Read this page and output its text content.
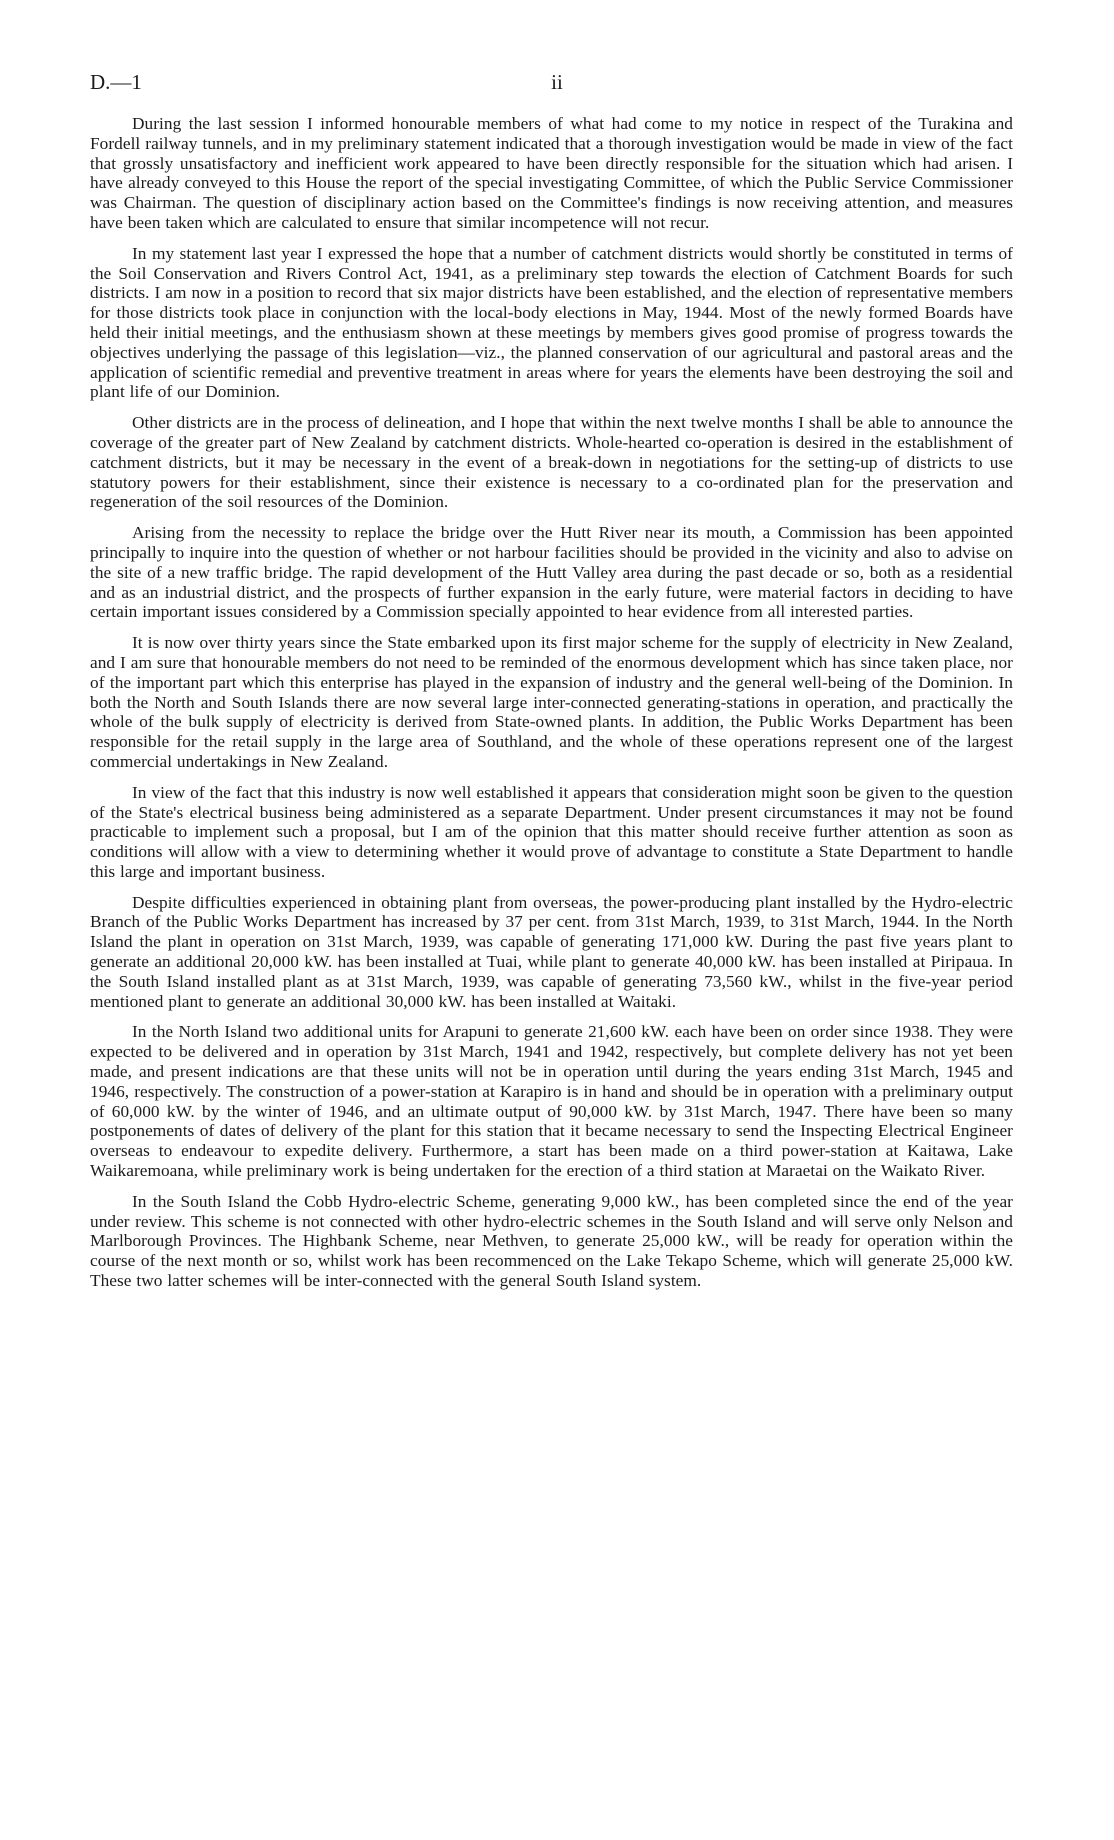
D.—1	ii

During the last session I informed honourable members of what had come to my notice in respect of the Turakina and Fordell railway tunnels, and in my preliminary statement indicated that a thorough investigation would be made in view of the fact that grossly unsatisfactory and inefficient work appeared to have been directly responsible for the situation which had arisen. I have already conveyed to this House the report of the special investigating Committee, of which the Public Service Commissioner was Chairman. The question of disciplinary action based on the Committee's findings is now receiving attention, and measures have been taken which are calculated to ensure that similar incompetence will not recur.

In my statement last year I expressed the hope that a number of catchment districts would shortly be constituted in terms of the Soil Conservation and Rivers Control Act, 1941, as a preliminary step towards the election of Catchment Boards for such districts. I am now in a position to record that six major districts have been established, and the election of representative members for those districts took place in conjunction with the local-body elections in May, 1944. Most of the newly formed Boards have held their initial meetings, and the enthusiasm shown at these meetings by members gives good promise of progress towards the objectives underlying the passage of this legislation—viz., the planned conservation of our agricultural and pastoral areas and the application of scientific remedial and preventive treatment in areas where for years the elements have been destroying the soil and plant life of our Dominion.

Other districts are in the process of delineation, and I hope that within the next twelve months I shall be able to announce the coverage of the greater part of New Zealand by catchment districts. Whole-hearted co-operation is desired in the establishment of catchment districts, but it may be necessary in the event of a break-down in negotiations for the setting-up of districts to use statutory powers for their establishment, since their existence is necessary to a co-ordinated plan for the preservation and regeneration of the soil resources of the Dominion.

Arising from the necessity to replace the bridge over the Hutt River near its mouth, a Commission has been appointed principally to inquire into the question of whether or not harbour facilities should be provided in the vicinity and also to advise on the site of a new traffic bridge. The rapid development of the Hutt Valley area during the past decade or so, both as a residential and as an industrial district, and the prospects of further expansion in the early future, were material factors in deciding to have certain important issues considered by a Commission specially appointed to hear evidence from all interested parties.

It is now over thirty years since the State embarked upon its first major scheme for the supply of electricity in New Zealand, and I am sure that honourable members do not need to be reminded of the enormous development which has since taken place, nor of the important part which this enterprise has played in the expansion of industry and the general well-being of the Dominion. In both the North and South Islands there are now several large inter-connected generating-stations in operation, and practically the whole of the bulk supply of electricity is derived from State-owned plants. In addition, the Public Works Department has been responsible for the retail supply in the large area of Southland, and the whole of these operations represent one of the largest commercial undertakings in New Zealand.

In view of the fact that this industry is now well established it appears that consideration might soon be given to the question of the State's electrical business being administered as a separate Department. Under present circumstances it may not be found practicable to implement such a proposal, but I am of the opinion that this matter should receive further attention as soon as conditions will allow with a view to determining whether it would prove of advantage to constitute a State Department to handle this large and important business.

Despite difficulties experienced in obtaining plant from overseas, the power-producing plant installed by the Hydro-electric Branch of the Public Works Department has increased by 37 per cent. from 31st March, 1939, to 31st March, 1944. In the North Island the plant in operation on 31st March, 1939, was capable of generating 171,000 kW. During the past five years plant to generate an additional 20,000 kW. has been installed at Tuai, while plant to generate 40,000 kW. has been installed at Piripaua. In the South Island installed plant as at 31st March, 1939, was capable of generating 73,560 kW., whilst in the five-year period mentioned plant to generate an additional 30,000 kW. has been installed at Waitaki.

In the North Island two additional units for Arapuni to generate 21,600 kW. each have been on order since 1938. They were expected to be delivered and in operation by 31st March, 1941 and 1942, respectively, but complete delivery has not yet been made, and present indications are that these units will not be in operation until during the years ending 31st March, 1945 and 1946, respectively. The construction of a power-station at Karapiro is in hand and should be in operation with a preliminary output of 60,000 kW. by the winter of 1946, and an ultimate output of 90,000 kW. by 31st March, 1947. There have been so many postponements of dates of delivery of the plant for this station that it became necessary to send the Inspecting Electrical Engineer overseas to endeavour to expedite delivery. Furthermore, a start has been made on a third power-station at Kaitawa, Lake Waikaremoana, while preliminary work is being undertaken for the erection of a third station at Maraetai on the Waikato River.

In the South Island the Cobb Hydro-electric Scheme, generating 9,000 kW., has been completed since the end of the year under review. This scheme is not connected with other hydro-electric schemes in the South Island and will serve only Nelson and Marlborough Provinces. The Highbank Scheme, near Methven, to generate 25,000 kW., will be ready for operation within the course of the next month or so, whilst work has been recommenced on the Lake Tekapo Scheme, which will generate 25,000 kW. These two latter schemes will be inter-connected with the general South Island system.
